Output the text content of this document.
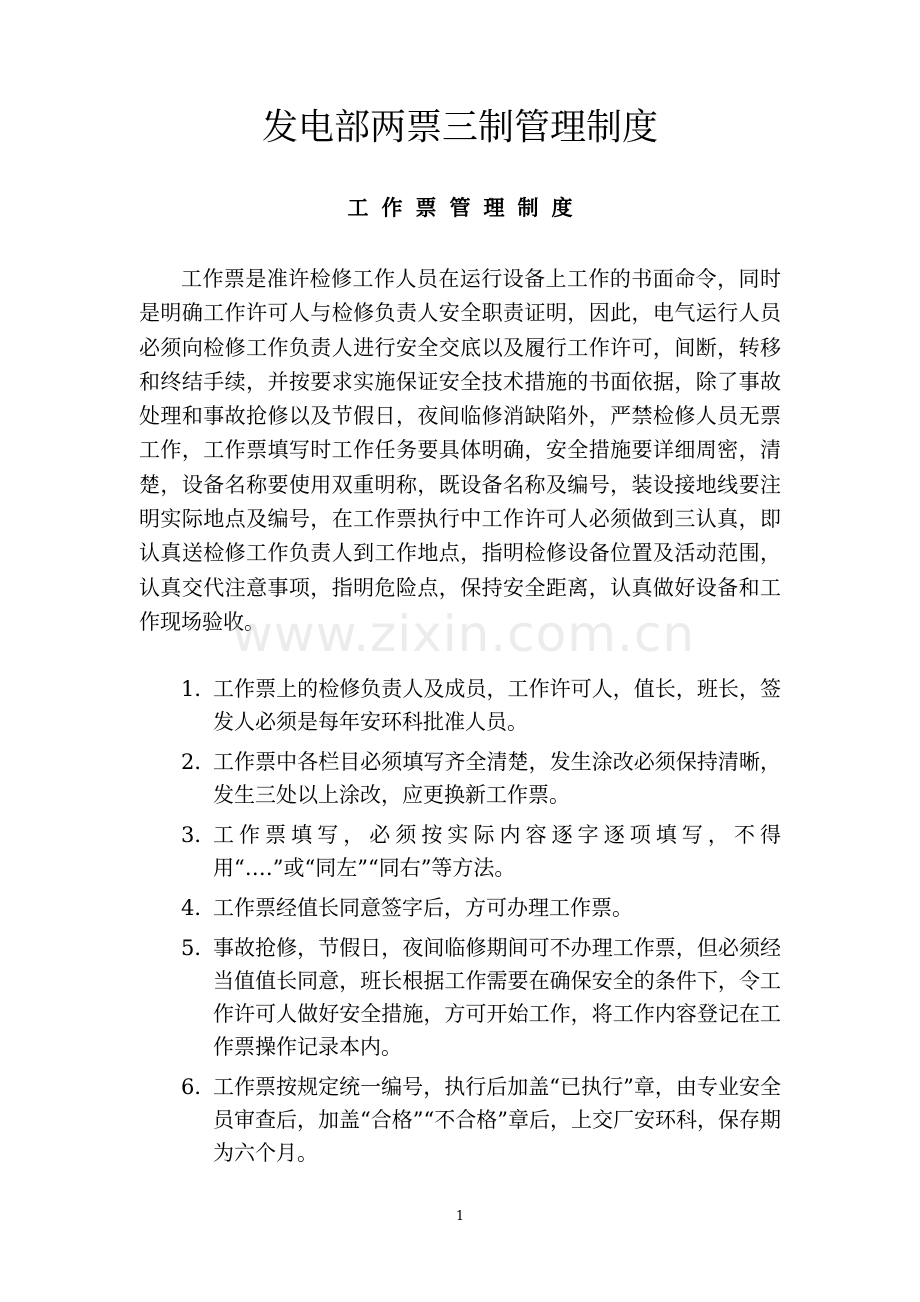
发电部两票三制管理制度
工作票管理制度

工作票是准许检修工作人员在运行设备上工作的书面命令，同时是明确工作许可人与检修负责人安全职责证明，因此，电气运行人员必须向检修工作负责人进行安全交底以及履行工作许可，间断，转移和终结手续，并按要求实施保证安全技术措施的书面依据，除了事故处理和事故抢修以及节假日，夜间临修消缺陷外，严禁检修人员无票工作，工作票填写时工作任务要具体明确，安全措施要详细周密，清楚，设备名称要使用双重明称，既设备名称及编号，装设接地线要注明实际地点及编号，在工作票执行中工作许可人必须做到三认真，即认真送检修工作负责人到工作地点，指明检修设备位置及活动范围，认真交代注意事项，指明危险点，保持安全距离，认真做好设备和工作现场验收。

www.zixin.com.cn
1．
工作票上的检修负责人及成员，工作许可人，值长，班长，签发人必须是每年安环科批准人员。
2．
工作票中各栏目必须填写齐全清楚，发生涂改必须保持清晰，发生三处以上涂改，应更换新工作票。
3．
工作票填写，必须按实际内容逐字逐项填写，不得用“‥‥”或“同左”“同右”等方法。
4．
工作票经值长同意签字后，方可办理工作票。
5．
事故抢修，节假日，夜间临修期间可不办理工作票，但必须经当值值长同意，班长根据工作需要在确保安全的条件下，令工作许可人做好安全措施，方可开始工作，将工作内容登记在工作票操作记录本内。
6．
工作票按规定统一编号，执行后加盖“已执行”章，由专业安全员审查后，加盖“合格”“不合格”章后，上交厂安环科，保存期为六个月。
1
